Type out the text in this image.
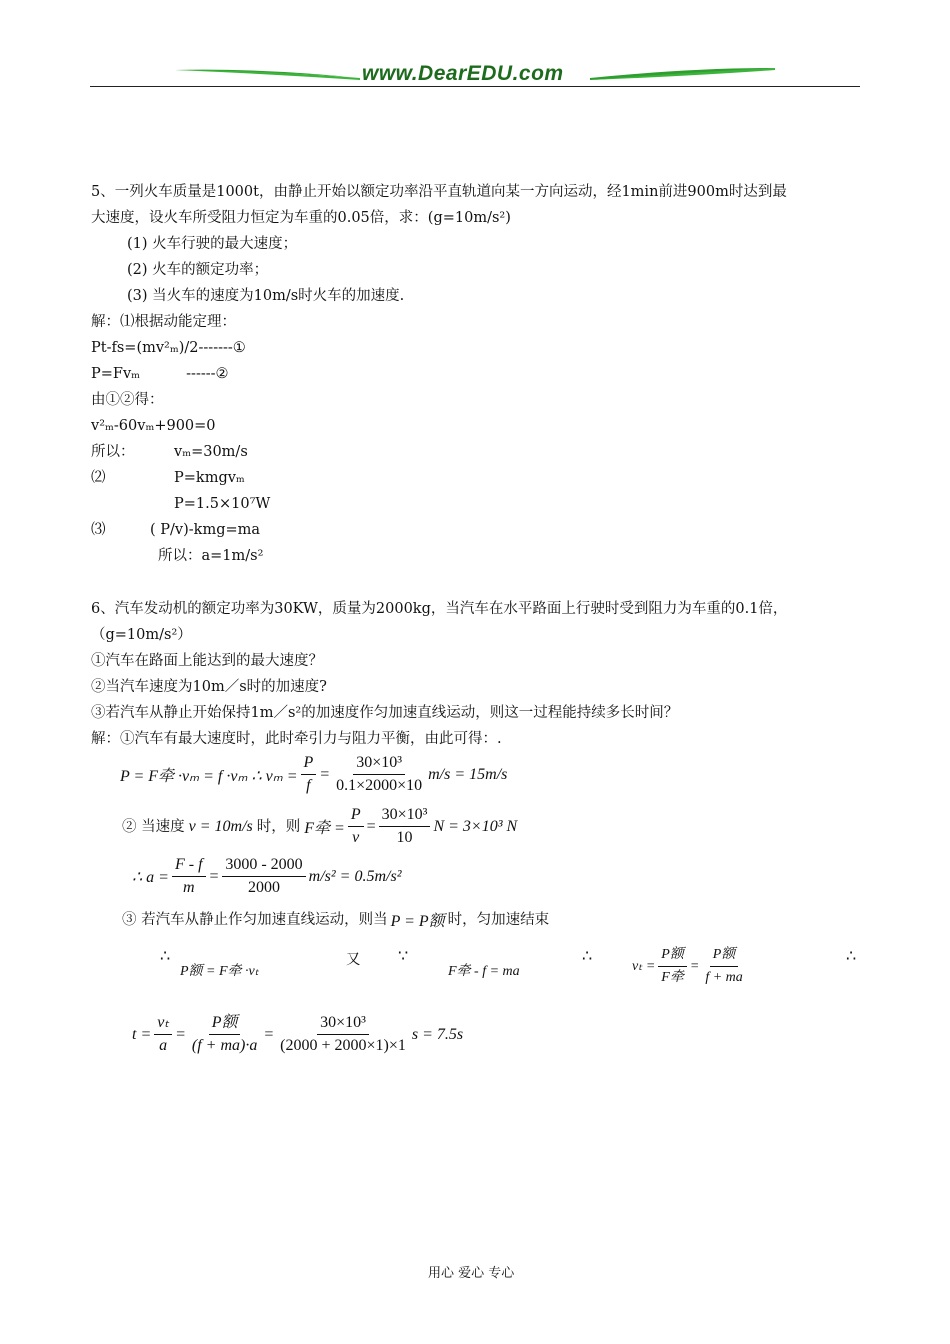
www.DearEDU.com
5、一列火车质量是1000t，由静止开始以额定功率沿平直轨道向某一方向运动，经1min前进900m时达到最
大速度，设火车所受阻力恒定为车重的0.05倍，求：(g=10m/s²)
(1) 火车行驶的最大速度；
(2) 火车的额定功率；
(3) 当火车的速度为10m/s时火车的加速度.
解：⑴根据动能定理：
Pt-fs=(mv²ₘ)/2-------①
P=Fvₘ          ------②
由①②得：
v²ₘ-60vₘ+900=0
所以：	vₘ=30m/s
⑵	P=kmgvₘ
P=1.5×10⁷W
⑶	( P/v)-kmg=ma
所以：a=1m/s²
6、汽车发动机的额定功率为30KW，质量为2000kg，当汽车在水平路面上行驶时受到阻力为车重的0.1倍，
（g=10m/s²）
①汽车在路面上能达到的最大速度？
②当汽车速度为10m／s时的加速度?
③若汽车从静止开始保持1m／s²的加速度作匀加速直线运动，则这一过程能持续多长时间？
解：①汽车有最大速度时，此时牵引力与阻力平衡，由此可得：.
P = F牵 ·vₘ = f ·vₘ ∴ $v_m = \frac{P}{f} = \frac{\text{30×10³}}{0.1\times 2000\times 10} m/s = 15m/s$
② 当速度 v = 10m/s 时，则 F牵 = $\frac{P}{v} = \frac{\text{30×10³}}{10}$ N = 3×10³ N
∴ $a = \frac{F - f}{m} = \frac{3000 - 2000}{2000} m/s^2 = 0.5m/s^2$
③ 若汽车从静止作匀加速直线运动，则当 P = P额 时，匀加速结束
∴
P额 = F牵 ·vₜ
又 ∵
F牵 - f = ma
∴
$v_t = \frac{\text{P额}}{\text{F牵}} = \frac{\text{P额}}{f + ma}$	∴
$t = \frac{\text{vₜ}}{a} = \frac{\text{P额}}{(f + ma)\cdot a} = \frac{\text{30×10³}}{(2000 + 2000\times 1)\times 1}$ s = 7.5s
用心 爱心 专心
